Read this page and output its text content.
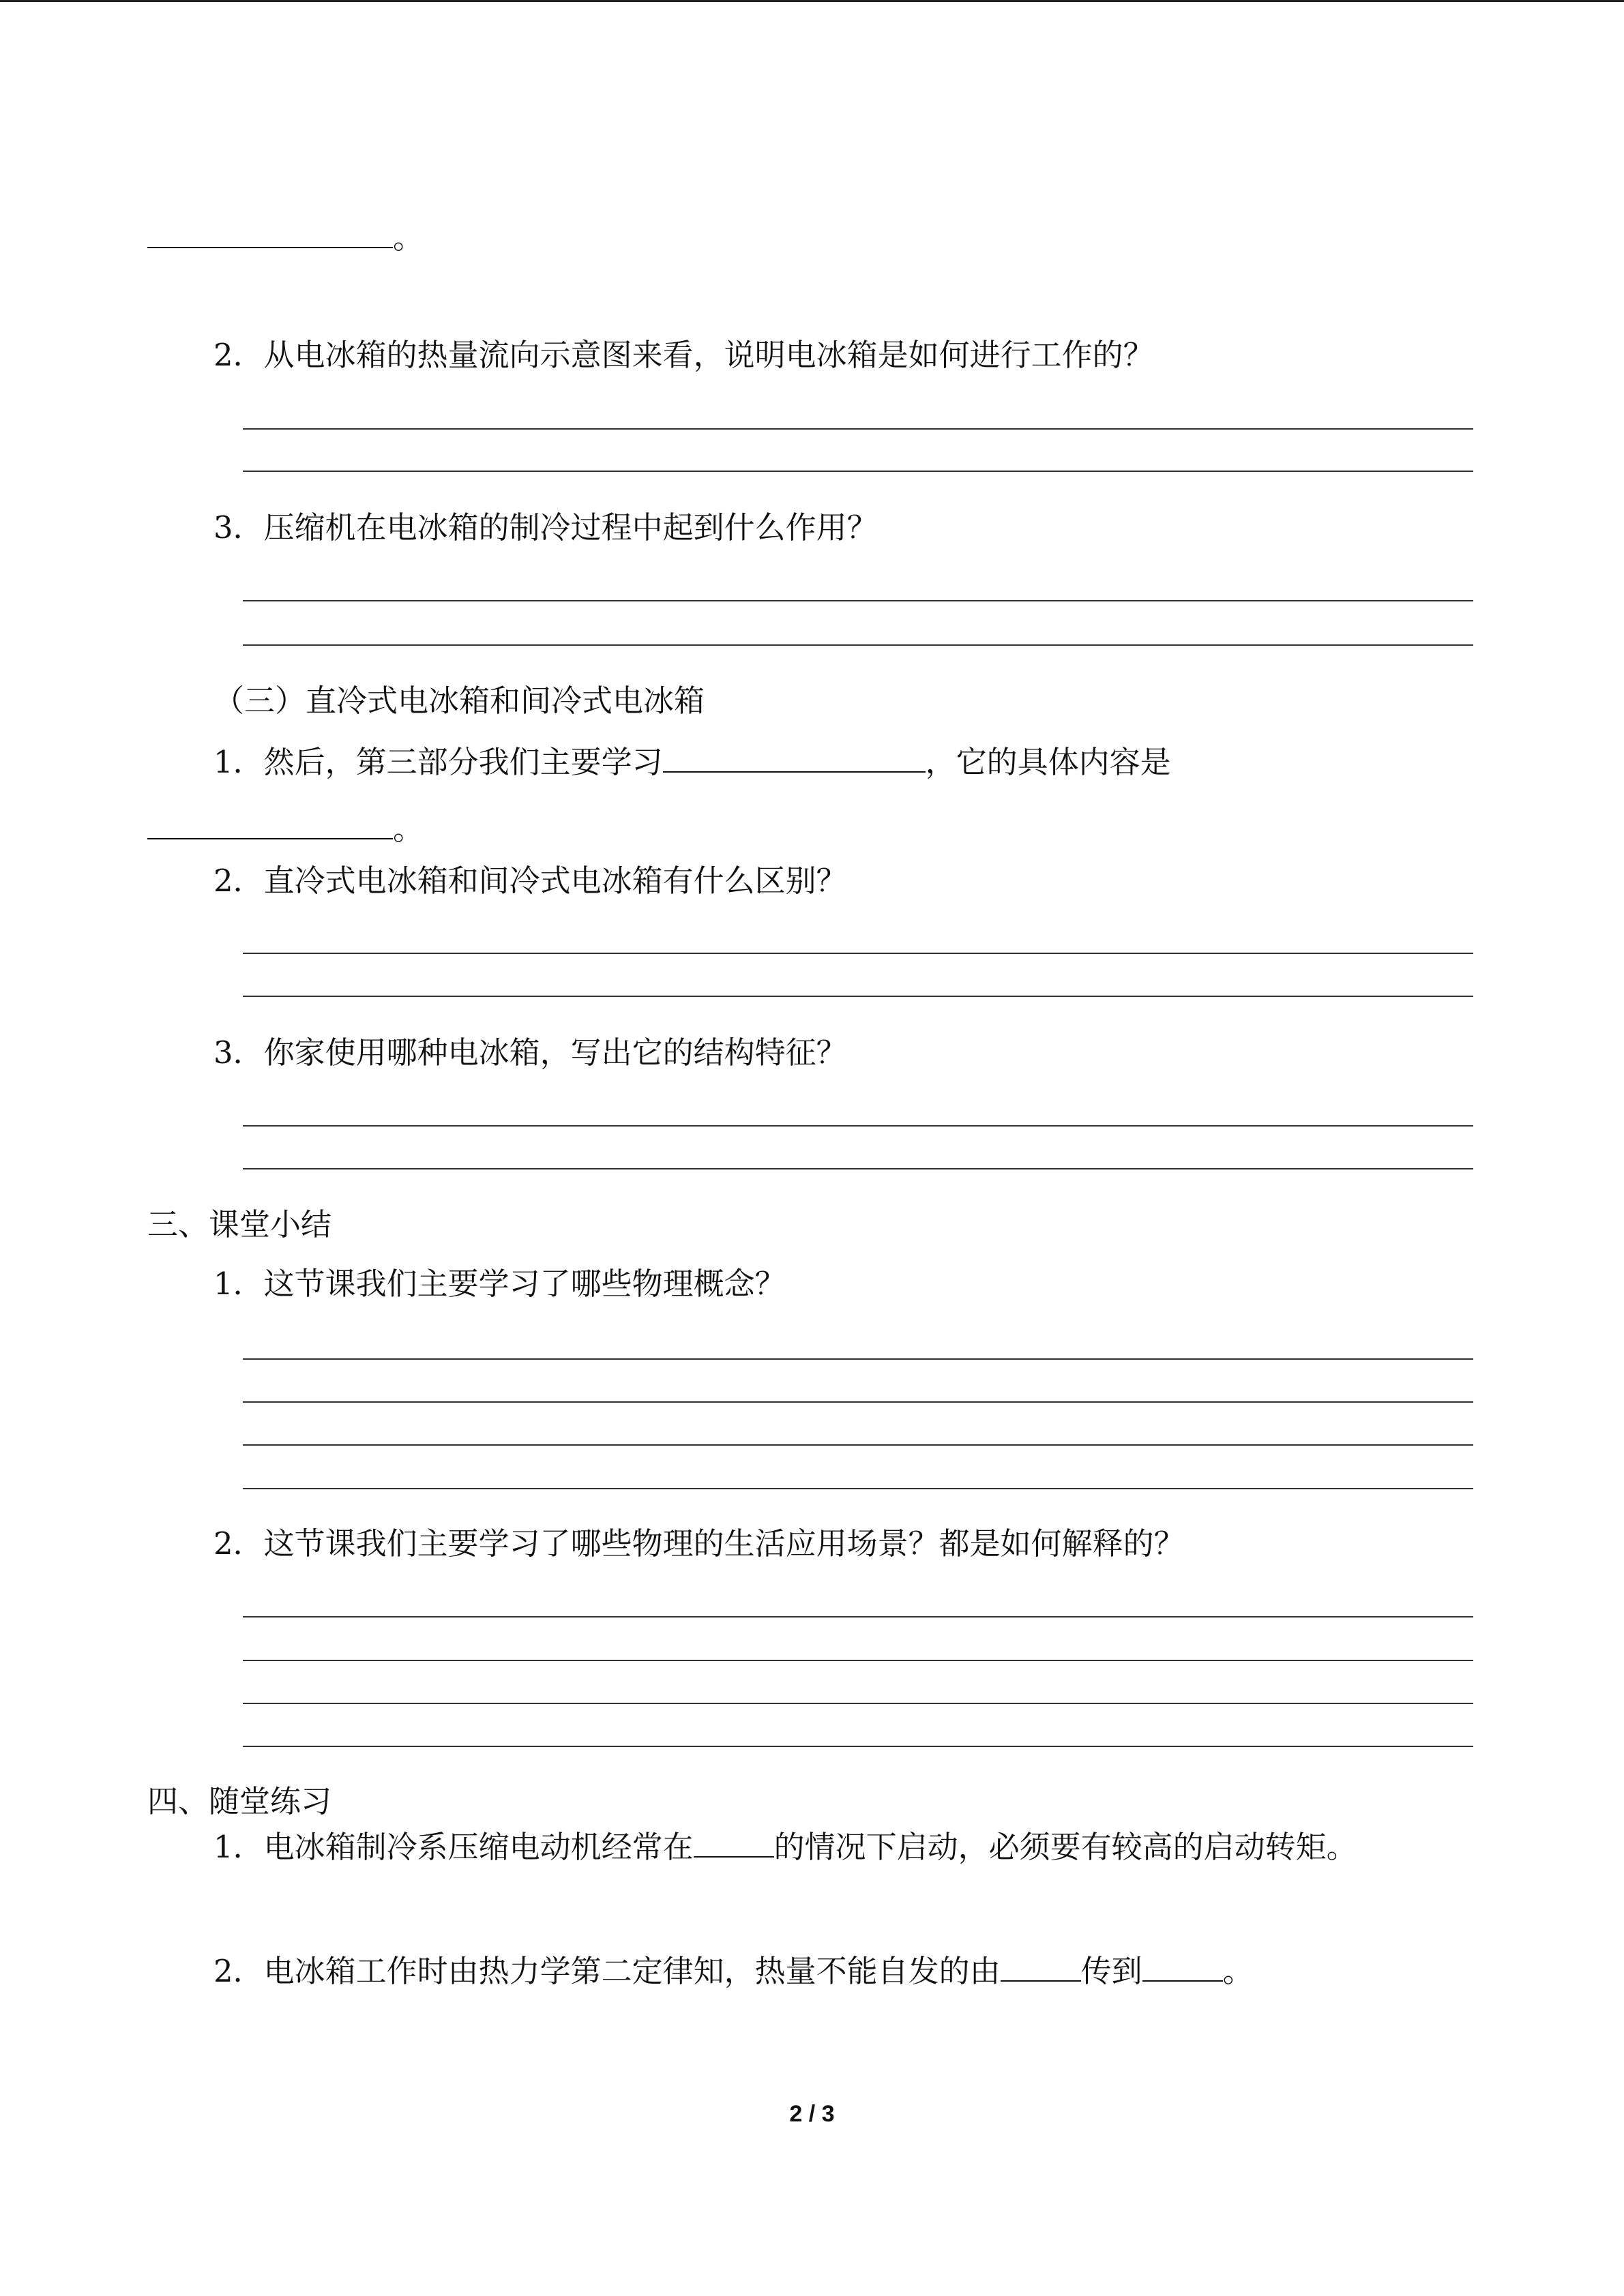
。
2．从电冰箱的热量流向示意图来看，说明电冰箱是如何进行工作的？
3．压缩机在电冰箱的制冷过程中起到什么作用？
（三）直冷式电冰箱和间冷式电冰箱
1．然后，第三部分我们主要学习	，它的具体内容是
。
2．直冷式电冰箱和间冷式电冰箱有什么区别？
3．你家使用哪种电冰箱，写出它的结构特征？
三、课堂小结
1．这节课我们主要学习了哪些物理概念？
2．这节课我们主要学习了哪些物理的生活应用场景？都是如何解释的？
四、随堂练习
1．电冰箱制冷系压缩电动机经常在	的情况下启动，必须要有较高的启动转矩。
2．电冰箱工作时由热力学第二定律知，热量不能自发的由	传到	。
2 / 3
